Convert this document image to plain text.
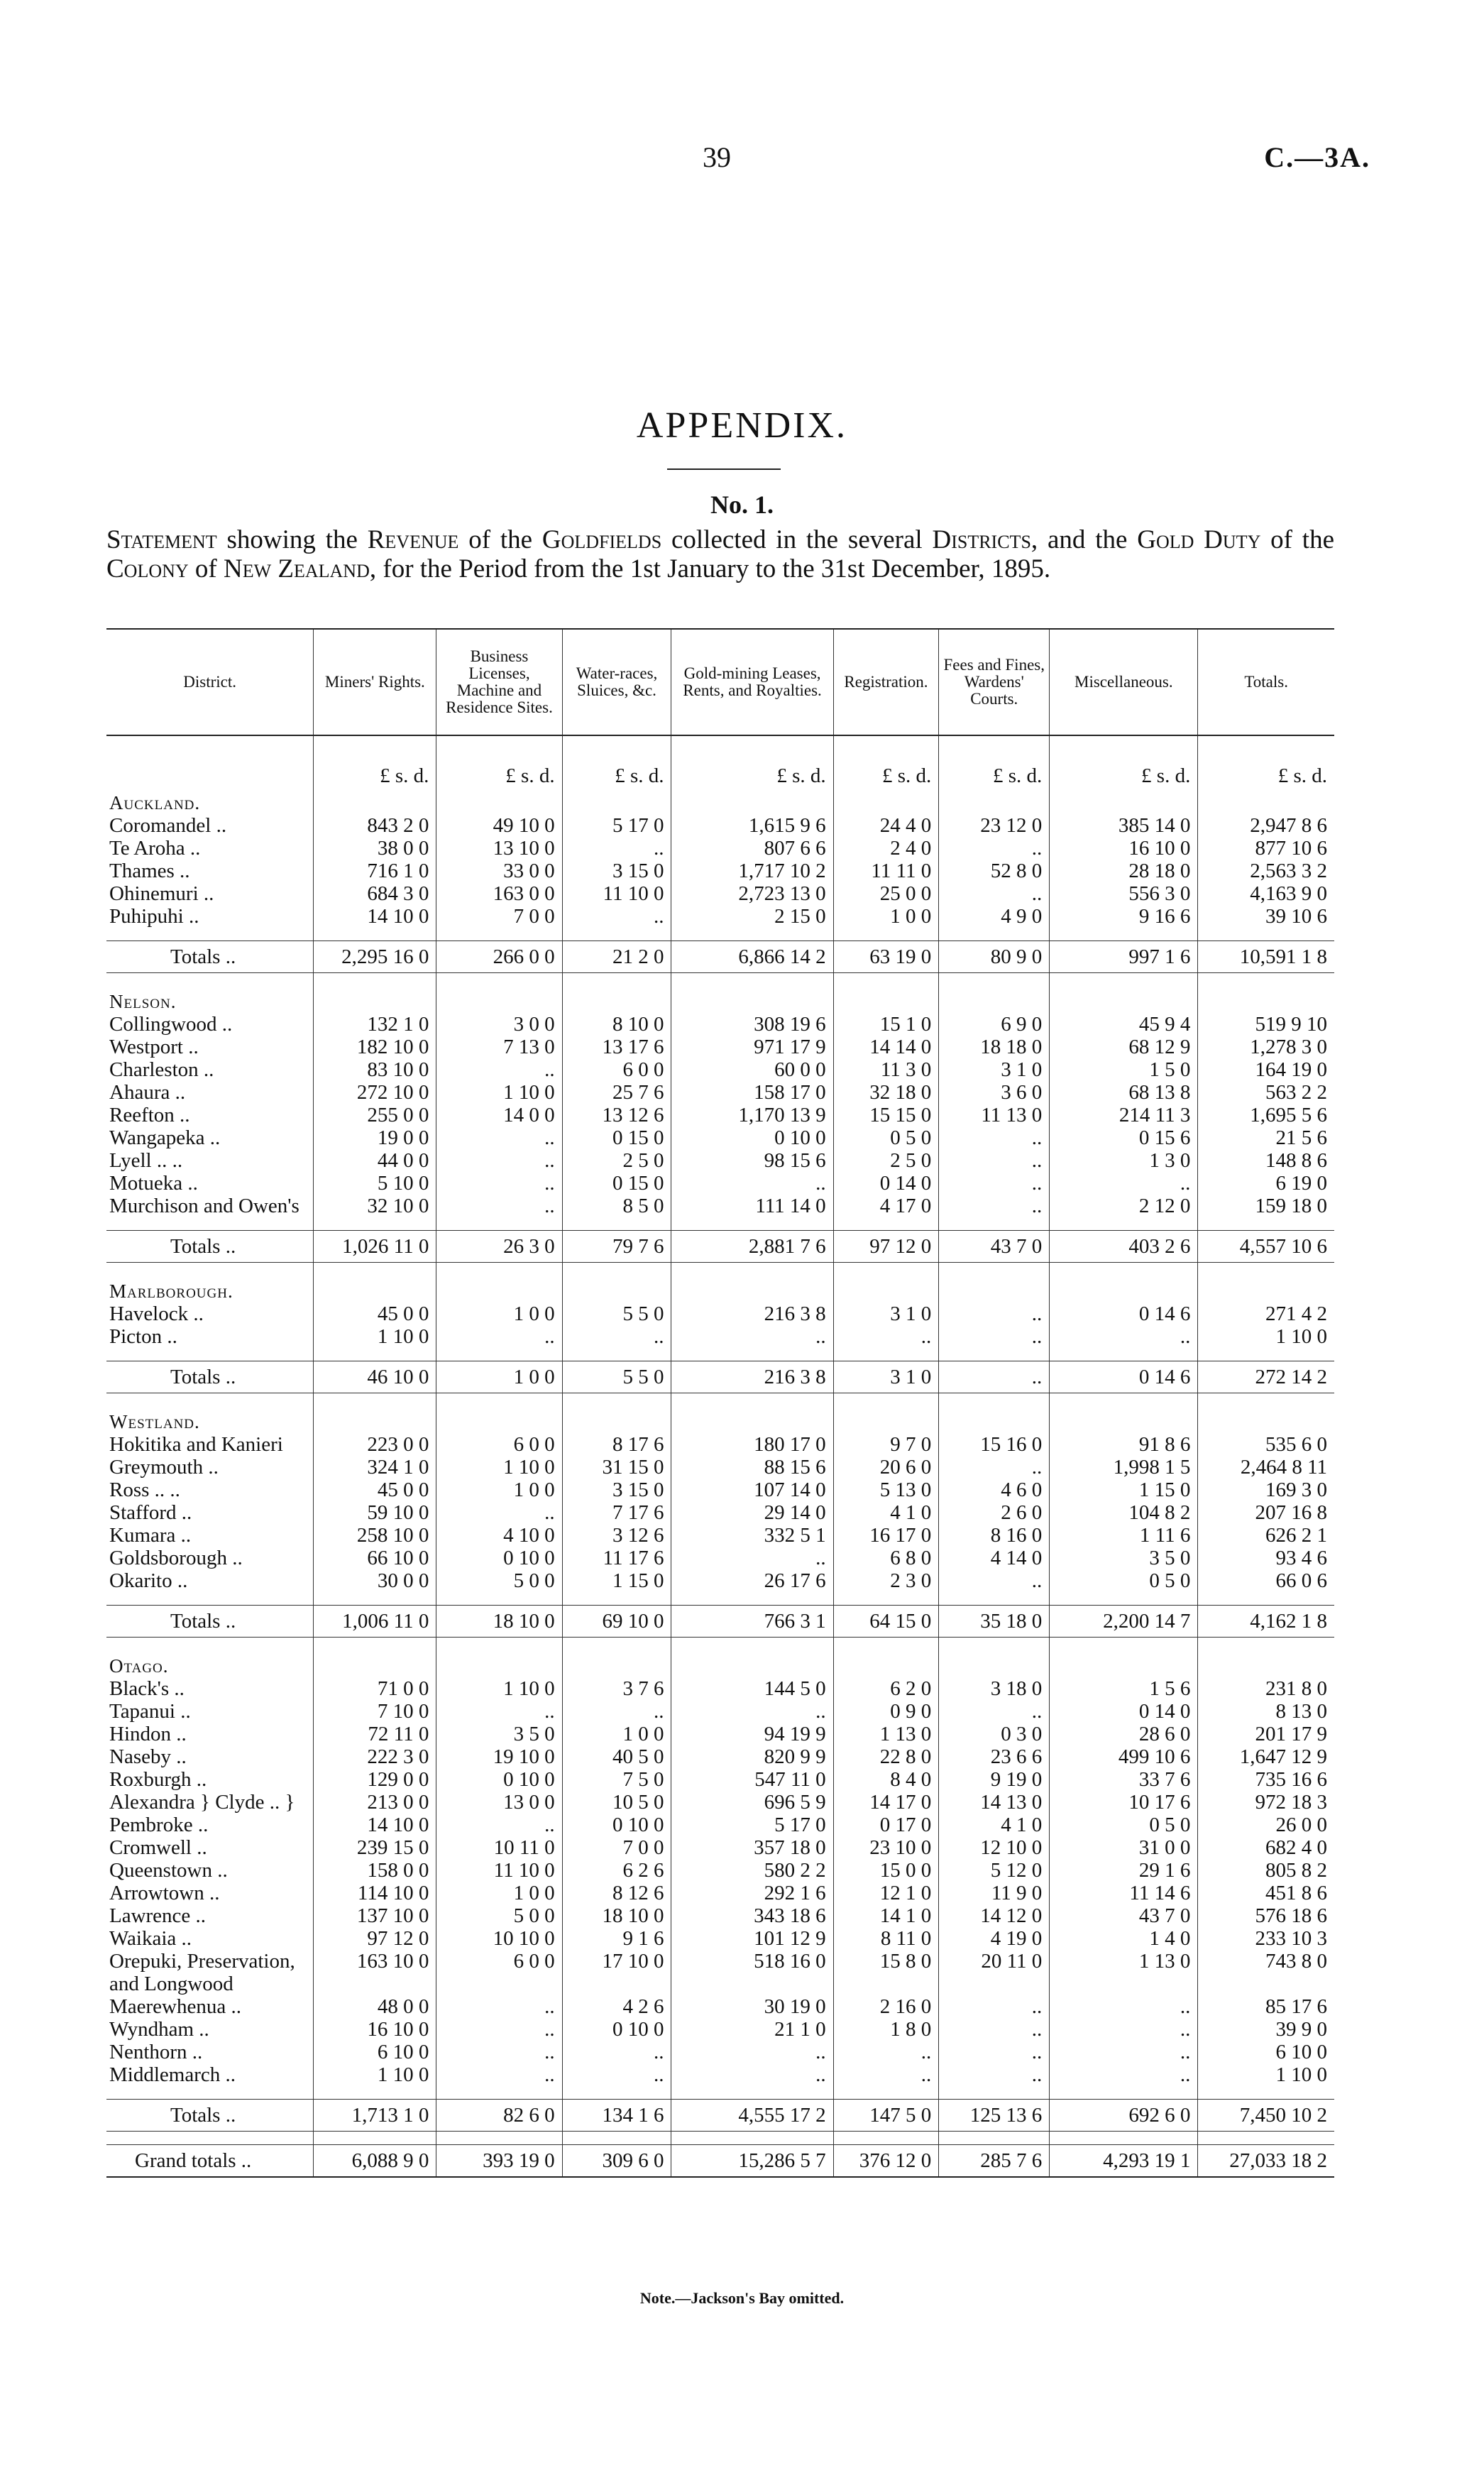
39	C.—3A.
APPENDIX.
No. 1.
Statement showing the Revenue of the Goldfields collected in the several Districts, and the Gold Duty of the Colony of New Zealand, for the Period from the 1st January to the 31st December, 1895.
District.	Miners' Rights.	Business Licenses, Machine and Residence Sites.	Water-races, Sluices, &c.	Gold-mining Leases, Rents, and Royalties.	Registration.	Fees and Fines, Wardens' Courts.	Miscellaneous.	Totals.
	£ s. d.	£ s. d.	£ s. d.	£ s. d.	£ s. d.	£ s. d.	£ s. d.	£ s. d.
Auckland.								
Coromandel ..	843 2 0	49 10 0	5 17 0	1,615 9 6	24 4 0	23 12 0	385 14 0	2,947 8 6
Te Aroha ..	38 0 0	13 10 0	..	807 6 6	2 4 0	..	16 10 0	877 10 6
Thames ..	716 1 0	33 0 0	3 15 0	1,717 10 2	11 11 0	52 8 0	28 18 0	2,563 3 2
Ohinemuri ..	684 3 0	163 0 0	11 10 0	2,723 13 0	25 0 0	..	556 3 0	4,163 9 0
Puhipuhi ..	14 10 0	7 0 0	..	2 15 0	1 0 0	4 9 0	9 16 6	39 10 6

Totals ..	2,295 16 0	266 0 0	21 2 0	6,866 14 2	63 19 0	80 9 0	997 1 6	10,591 1 8

Nelson.								
Collingwood ..	132 1 0	3 0 0	8 10 0	308 19 6	15 1 0	6 9 0	45 9 4	519 9 10
Westport ..	182 10 0	7 13 0	13 17 6	971 17 9	14 14 0	18 18 0	68 12 9	1,278 3 0
Charleston ..	83 10 0	..	6 0 0	60 0 0	11 3 0	3 1 0	1 5 0	164 19 0
Ahaura ..	272 10 0	1 10 0	25 7 6	158 17 0	32 18 0	3 6 0	68 13 8	563 2 2
Reefton ..	255 0 0	14 0 0	13 12 6	1,170 13 9	15 15 0	11 13 0	214 11 3	1,695 5 6
Wangapeka ..	19 0 0	..	0 15 0	0 10 0	0 5 0	..	0 15 6	21 5 6
Lyell .. ..	44 0 0	..	2 5 0	98 15 6	2 5 0	..	1 3 0	148 8 6
Motueka ..	5 10 0	..	0 15 0	..	0 14 0	..	..	6 19 0
Murchison and Owen's	32 10 0	..	8 5 0	111 14 0	4 17 0	..	2 12 0	159 18 0

Totals ..	1,026 11 0	26 3 0	79 7 6	2,881 7 6	97 12 0	43 7 0	403 2 6	4,557 10 6

Marlborough.								
Havelock ..	45 0 0	1 0 0	5 5 0	216 3 8	3 1 0	..	0 14 6	271 4 2
Picton ..	1 10 0	..	..	..	..	..	..	1 10 0

Totals ..	46 10 0	1 0 0	5 5 0	216 3 8	3 1 0	..	0 14 6	272 14 2

Westland.								
Hokitika and Kanieri	223 0 0	6 0 0	8 17 6	180 17 0	9 7 0	15 16 0	91 8 6	535 6 0
Greymouth ..	324 1 0	1 10 0	31 15 0	88 15 6	20 6 0	..	1,998 1 5	2,464 8 11
Ross .. ..	45 0 0	1 0 0	3 15 0	107 14 0	5 13 0	4 6 0	1 15 0	169 3 0
Stafford ..	59 10 0	..	7 17 6	29 14 0	4 1 0	2 6 0	104 8 2	207 16 8
Kumara ..	258 10 0	4 10 0	3 12 6	332 5 1	16 17 0	8 16 0	1 11 6	626 2 1
Goldsborough ..	66 10 0	0 10 0	11 17 6	..	6 8 0	4 14 0	3 5 0	93 4 6
Okarito ..	30 0 0	5 0 0	1 15 0	26 17 6	2 3 0	..	0 5 0	66 0 6

Totals ..	1,006 11 0	18 10 0	69 10 0	766 3 1	64 15 0	35 18 0	2,200 14 7	4,162 1 8

Otago.								
Black's ..	71 0 0	1 10 0	3 7 6	144 5 0	6 2 0	3 18 0	1 5 6	231 8 0
Tapanui ..	7 10 0	..	..	..	0 9 0	..	0 14 0	8 13 0
Hindon ..	72 11 0	3 5 0	1 0 0	94 19 9	1 13 0	0 3 0	28 6 0	201 17 9
Naseby ..	222 3 0	19 10 0	40 5 0	820 9 9	22 8 0	23 6 6	499 10 6	1,647 12 9
Roxburgh ..	129 0 0	0 10 0	7 5 0	547 11 0	8 4 0	9 19 0	33 7 6	735 16 6
Alexandra } Clyde .. }	213 0 0	13 0 0	10 5 0	696 5 9	14 17 0	14 13 0	10 17 6	972 18 3
Pembroke ..	14 10 0	..	0 10 0	5 17 0	0 17 0	4 1 0	0 5 0	26 0 0
Cromwell ..	239 15 0	10 11 0	7 0 0	357 18 0	23 10 0	12 10 0	31 0 0	682 4 0
Queenstown ..	158 0 0	11 10 0	6 2 6	580 2 2	15 0 0	5 12 0	29 1 6	805 8 2
Arrowtown ..	114 10 0	1 0 0	8 12 6	292 1 6	12 1 0	11 9 0	11 14 6	451 8 6
Lawrence ..	137 10 0	5 0 0	18 10 0	343 18 6	14 1 0	14 12 0	43 7 0	576 18 6
Waikaia ..	97 12 0	10 10 0	9 1 6	101 12 9	8 11 0	4 19 0	1 4 0	233 10 3
Orepuki, Preservation, and Longwood	163 10 0	6 0 0	17 10 0	518 16 0	15 8 0	20 11 0	1 13 0	743 8 0
Maerewhenua ..	48 0 0	..	4 2 6	30 19 0	2 16 0	..	..	85 17 6
Wyndham ..	16 10 0	..	0 10 0	21 1 0	1 8 0	..	..	39 9 0
Nenthorn ..	6 10 0	..	..	..	..	..	..	6 10 0
Middlemarch ..	1 10 0	..	..	..	..	..	..	1 10 0

Totals ..	1,713 1 0	82 6 0	134 1 6	4,555 17 2	147 5 0	125 13 6	692 6 0	7,450 10 2

Grand totals ..	6,088 9 0	393 19 0	309 6 0	15,286 5 7	376 12 0	285 7 6	4,293 19 1	27,033 18 2
Note.—Jackson's Bay omitted.
